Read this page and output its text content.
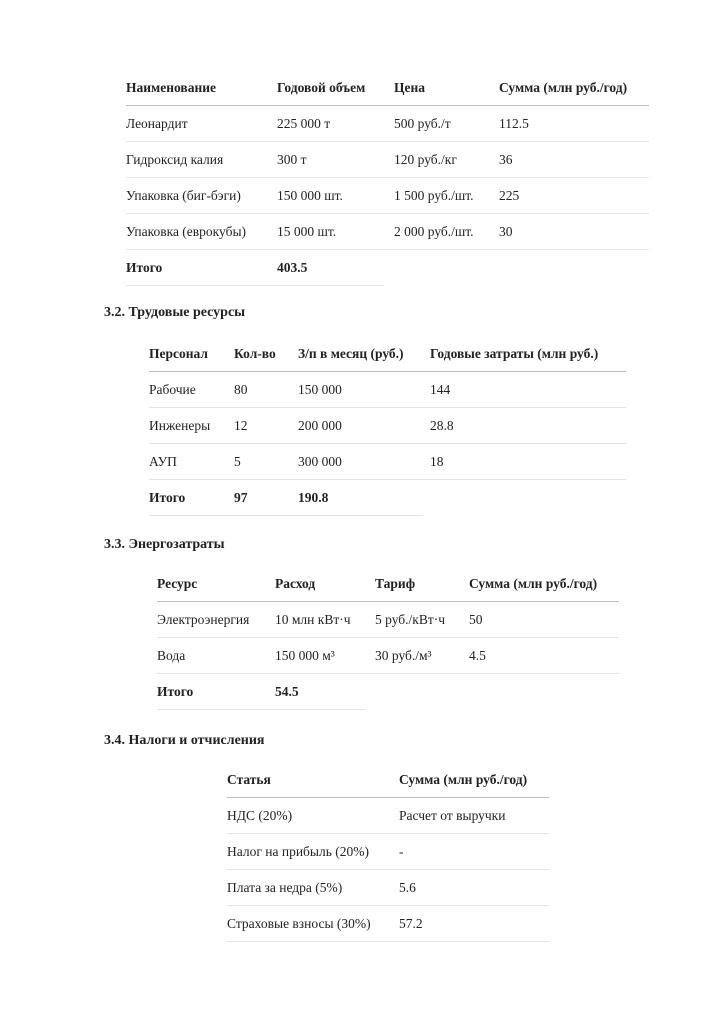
Наименование	Годовой объем	Цена	Сумма (млн руб./год)
Леонардит	225 000 т	500 руб./т	112.5
Гидроксид калия	300 т	120 руб./кг	36
Упаковка (биг-бэги)	150 000 шт.	1 500 руб./шт.	225
Упаковка (еврокубы)	15 000 шт.	2 000 руб./шт.	30
Итого	403.5
3.2. Трудовые ресурсы
Персонал	Кол-во	З/п в месяц (руб.)	Годовые затраты (млн руб.)
Рабочие	80	150 000	144
Инженеры	12	200 000	28.8
АУП	5	300 000	18
Итого	97	190.8
3.3. Энергозатраты
Ресурс	Расход	Тариф	Сумма (млн руб./год)
Электроэнергия	10 млн кВт·ч	5 руб./кВт·ч	50
Вода	150 000 м³	30 руб./м³	4.5
Итого	54.5
3.4. Налоги и отчисления
Статья	Сумма (млн руб./год)
НДС (20%)	Расчет от выручки
Налог на прибыль (20%)	-
Плата за недра (5%)	5.6
Страховые взносы (30%)	57.2
